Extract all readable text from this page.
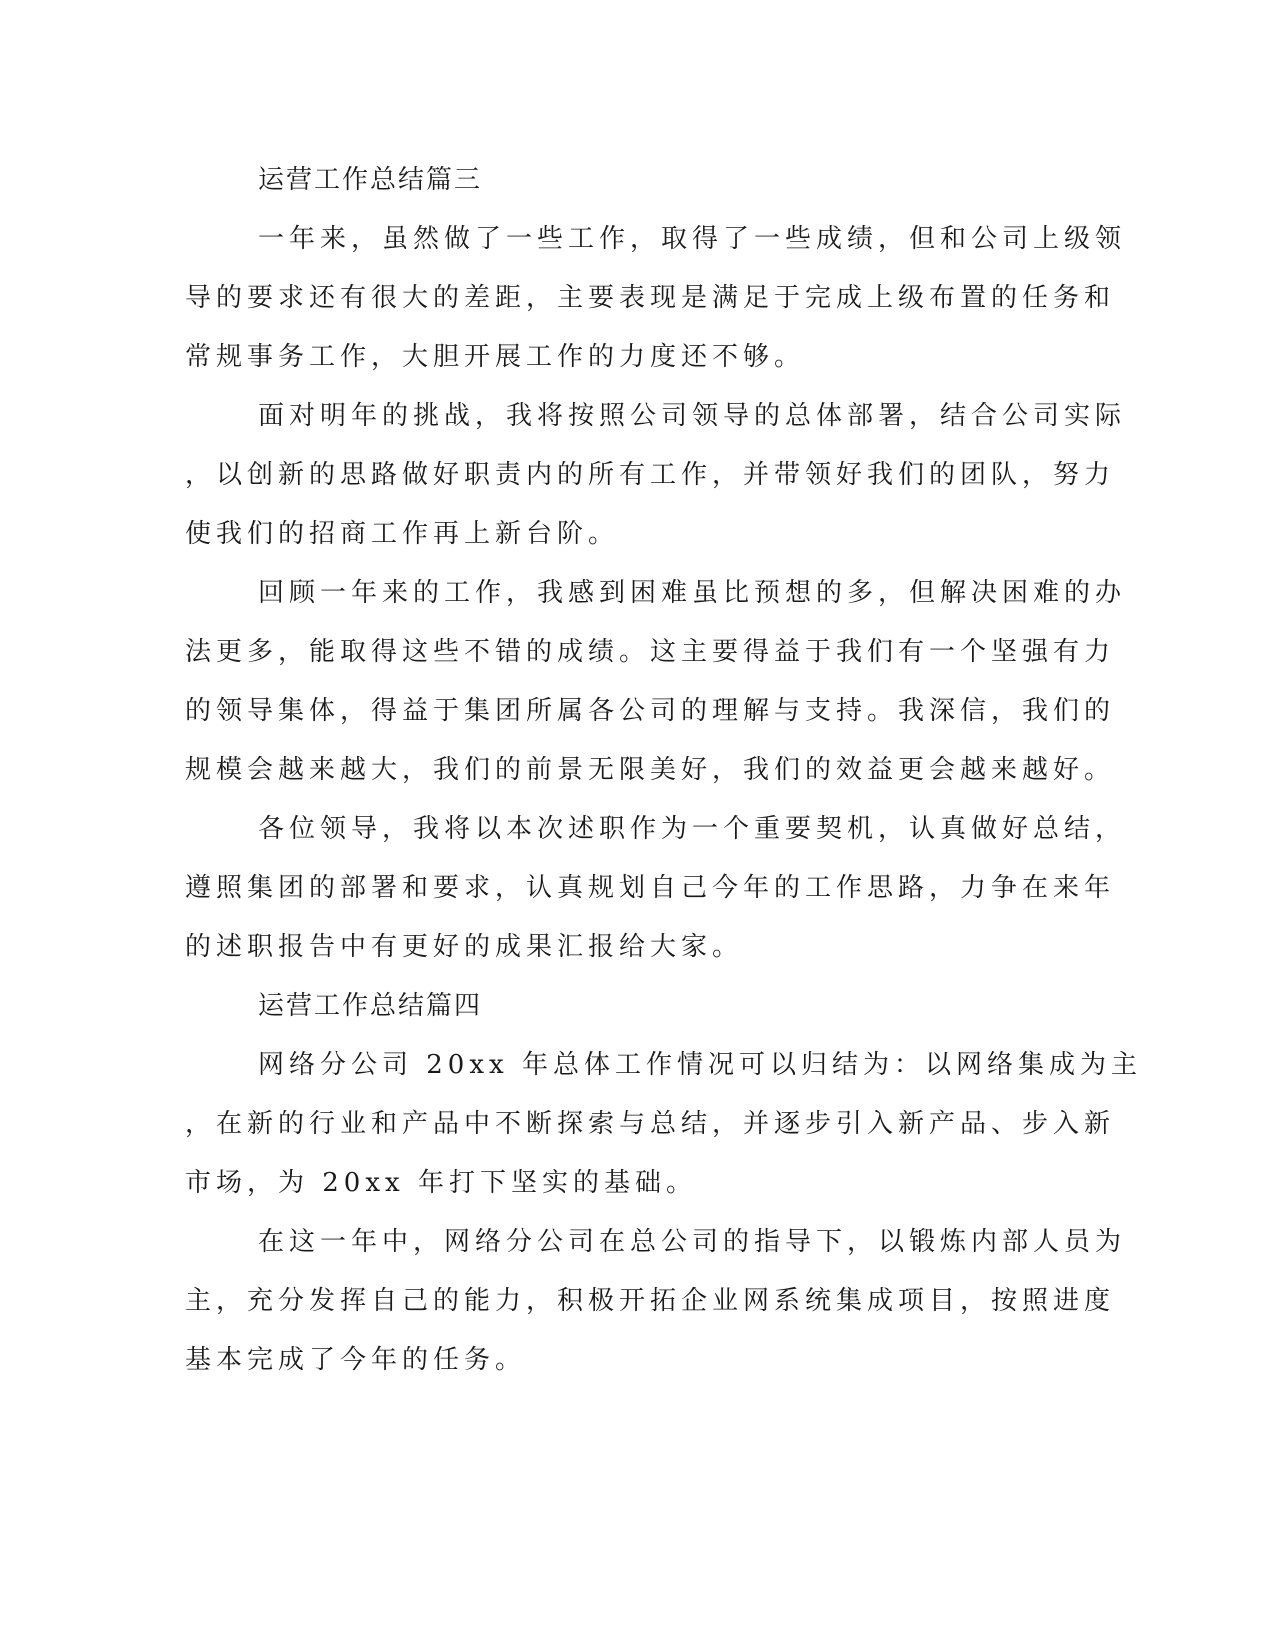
运营工作总结篇三
一年来，虽然做了一些工作，取得了一些成绩，但和公司上级领
导的要求还有很大的差距，主要表现是满足于完成上级布置的任务和
常规事务工作，大胆开展工作的力度还不够。
面对明年的挑战，我将按照公司领导的总体部署，结合公司实际
，以创新的思路做好职责内的所有工作，并带领好我们的团队，努力
使我们的招商工作再上新台阶。
回顾一年来的工作，我感到困难虽比预想的多，但解决困难的办
法更多，能取得这些不错的成绩。这主要得益于我们有一个坚强有力
的领导集体，得益于集团所属各公司的理解与支持。我深信，我们的
规模会越来越大，我们的前景无限美好，我们的效益更会越来越好。
各位领导，我将以本次述职作为一个重要契机，认真做好总结，
遵照集团的部署和要求，认真规划自己今年的工作思路，力争在来年
的述职报告中有更好的成果汇报给大家。
运营工作总结篇四
网络分公司 20xx 年总体工作情况可以归结为：以网络集成为主
，在新的行业和产品中不断探索与总结，并逐步引入新产品、步入新
市场，为 20xx 年打下坚实的基础。
在这一年中，网络分公司在总公司的指导下，以锻炼内部人员为
主，充分发挥自己的能力，积极开拓企业网系统集成项目，按照进度
基本完成了今年的任务。
